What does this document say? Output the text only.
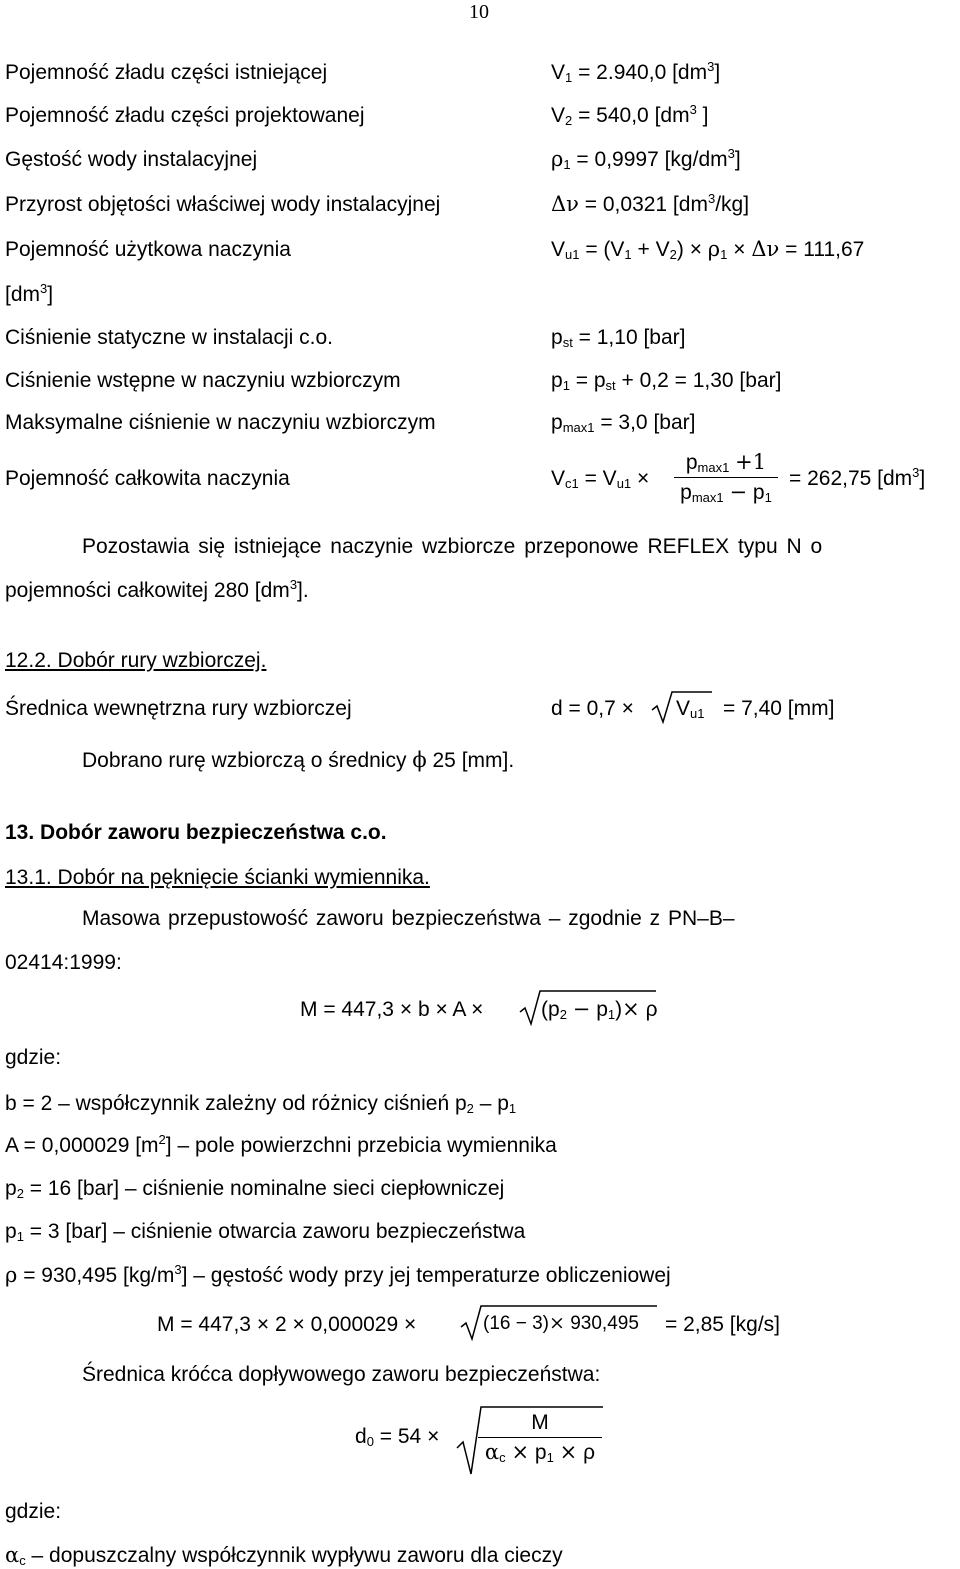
10
Pojemność zładu części istniejącej	$V_1 = 2.940,0$ $[dm^3]$
Pojemność zładu części projektowanej	$V_2 = 540,0$ [$dm^3$ ]
Gęstość wody instalacyjnej	$\rho_1 = 0,9997$ $[kg/dm^3]$
Przyrost objętości właściwej wody instalacyjnej	Δν = 0,0321 $[dm^3/kg]$
Pojemność użytkowa naczynia	$V_{u1} = (V_1 + V_2) \times \rho_1 \times \Delta\nu = 111,67$
$[dm^3]$
Ciśnienie statyczne w instalacji c.o.	$p_{st} = 1,10$ [bar]
Ciśnienie wstępne w naczyniu wzbiorczym	$p_1 = p_{st} + 0,2 = 1,30$ [bar]
Maksymalne ciśnienie w naczyniu wzbiorczym	$p_{max1} = 3,0$ [bar]
Pojemność całkowita naczynia	$V_{c1} = V_{u1}$ ×
$p_{max1} +1$
$p_{max1} - p_1$
= 262,75 $[dm^3]$
Pozostawia się istniejące naczynie wzbiorcze przeponowe REFLEX typu N o
pojemności całkowitej 280 $[dm^3]$.
12.2. Dobór rury wzbiorczej.
Średnica wewnętrzna rury wzbiorczej	$d = 0,7 \times V_{u1} = 7,40$ [mm]
Dobrano rurę wzbiorczą o średnicy ϕ 25 [mm].
13. Dobór zaworu bezpieczeństwa c.o.
13.1. Dobór na pęknięcie ścianki wymiennika.
Masowa przepustowość zaworu bezpieczeństwa – zgodnie z PN–B–
02414:1999:
M = 447,3 × b × A ×	$(p_2 - p_1)\times \rho$
gdzie:
b = 2 – współczynnik zależny od różnicy ciśnień $p_2 - p_1$
A = 0,000029 $[m^2]$ – pole powierzchni przebicia wymiennika
$p_2 = 16$ [bar] – ciśnienie nominalne sieci ciepłowniczej
$p_1 = 3$ [bar] – ciśnienie otwarcia zaworu bezpieczeństwa
ρ = 930,495 $[kg/m^3]$ – gęstość wody przy jej temperaturze obliczeniowej
M = 447,3 × 2 × 0,000029 ×	(16 − 3)× 930,495 = 2,85 [kg/s]
Średnica króćca dopływowego zaworu bezpieczeństwa:
$d_0 = 54$ ×
M
$\alpha_c \times p_1 \times \rho$
gdzie:
$\alpha_c$ – dopuszczalny współczynnik wypływu zaworu dla cieczy
